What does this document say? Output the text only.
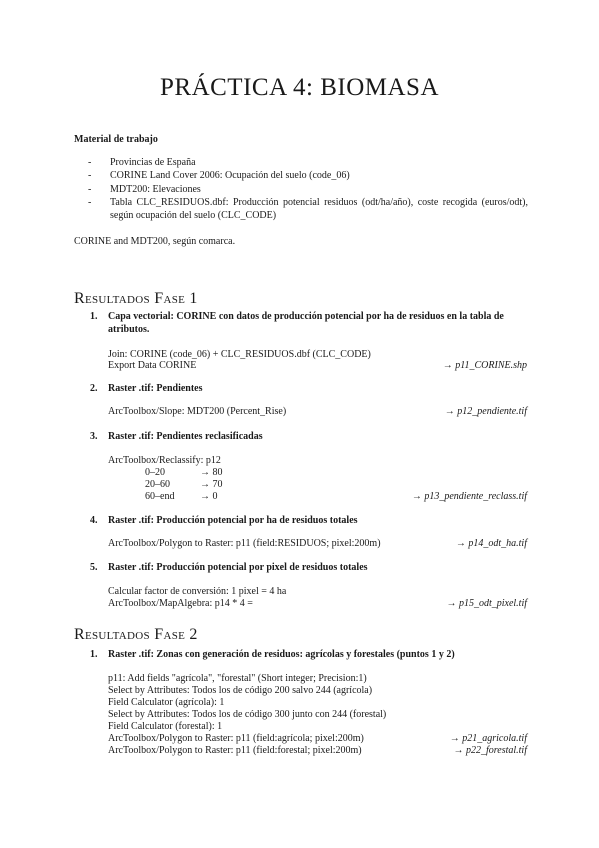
PRÁCTICA 4: BIOMASA
Material de trabajo
- Provincias de España
- CORINE Land Cover 2006: Ocupación del suelo (code_06)
- MDT200: Elevaciones
- Tabla CLC_RESIDUOS.dbf: Producción potencial residuos (odt/ha/año), coste recogida (euros/odt), según ocupación del suelo (CLC_CODE)
CORINE and MDT200, según comarca.
Resultados Fase 1
1. Capa vectorial: CORINE con datos de producción potencial por ha de residuos en la tabla de atributos.
Join: CORINE (code_06) + CLC_RESIDUOS.dbf (CLC_CODE)
Export Data CORINE	→ p11_CORINE.shp
2. Raster .tif: Pendientes
ArcToolbox/Slope: MDT200 (Percent_Rise)	→ p12_pendiente.tif
3. Raster .tif: Pendientes reclasificadas
ArcToolbox/Reclassify: p12
0–20	→ 80
20–60	→ 70
60–end	→ 0	→ p13_pendiente_reclass.tif
4. Raster .tif: Producción potencial por ha de residuos totales
ArcToolbox/Polygon to Raster: p11 (field:RESIDUOS; pixel:200m)	→ p14_odt_ha.tif
5. Raster .tif: Producción potencial por pixel de residuos totales
Calcular factor de conversión: 1 pixel = 4 ha
ArcToolbox/MapAlgebra: p14 * 4 =	→ p15_odt_pixel.tif
Resultados Fase 2
1. Raster .tif: Zonas con generación de residuos: agrícolas y forestales (puntos 1 y 2)
p11: Add fields "agrícola", "forestal" (Short integer; Precision:1)
Select by Attributes: Todos los de código 200 salvo 244 (agrícola)
Field Calculator (agrícola): 1
Select by Attributes: Todos los de código 300 junto con 244 (forestal)
Field Calculator (forestal): 1
ArcToolbox/Polygon to Raster: p11 (field:agrícola; pixel:200m)	→ p21_agricola.tif
ArcToolbox/Polygon to Raster: p11 (field:forestal; pixel:200m)	→ p22_forestal.tif
